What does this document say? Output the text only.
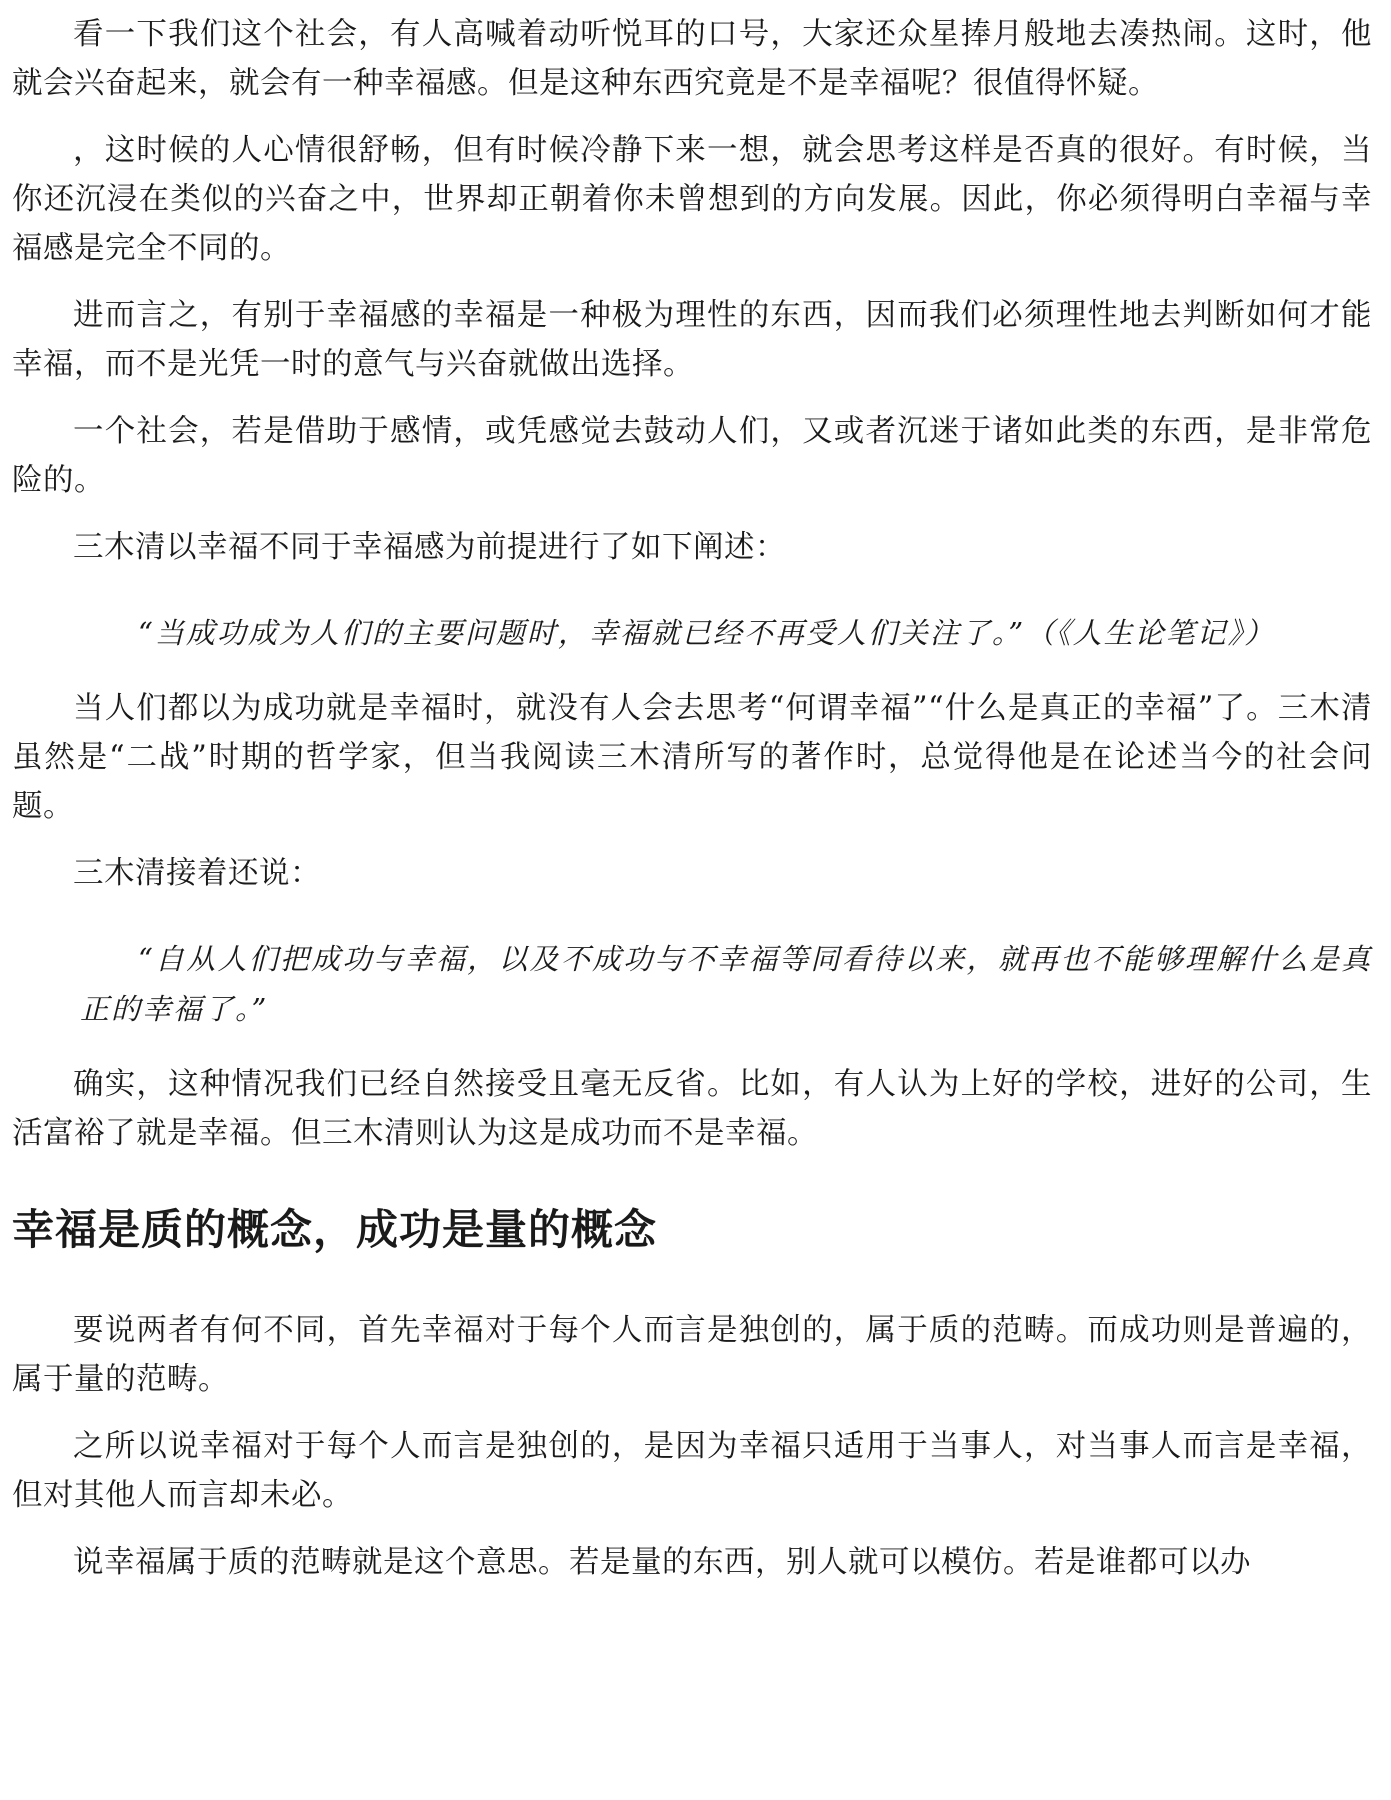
看一下我们这个社会，有人高喊着动听悦耳的口号，大家还众星捧月般地去凑热闹。这时，他就会兴奋起来，就会有一种幸福感。但是这种东西究竟是不是幸福呢？很值得怀疑。

，这时候的人心情很舒畅，但有时候冷静下来一想，就会思考这样是否真的很好。有时候，当你还沉浸在类似的兴奋之中，世界却正朝着你未曾想到的方向发展。因此，你必须得明白幸福与幸福感是完全不同的。

进而言之，有别于幸福感的幸福是一种极为理性的东西，因而我们必须理性地去判断如何才能幸福，而不是光凭一时的意气与兴奋就做出选择。

一个社会，若是借助于感情，或凭感觉去鼓动人们，又或者沉迷于诸如此类的东西，是非常危险的。

三木清以幸福不同于幸福感为前提进行了如下阐述：

“当成功成为人们的主要问题时，幸福就已经不再受人们关注了。”（《人生论笔记》）

当人们都以为成功就是幸福时，就没有人会去思考“何谓幸福”“什么是真正的幸福”了。三木清虽然是“二战”时期的哲学家，但当我阅读三木清所写的著作时，总觉得他是在论述当今的社会问题。

三木清接着还说：

“自从人们把成功与幸福，以及不成功与不幸福等同看待以来，就再也不能够理解什么是真正的幸福了。”

确实，这种情况我们已经自然接受且毫无反省。比如，有人认为上好的学校，进好的公司，生活富裕了就是幸福。但三木清则认为这是成功而不是幸福。

幸福是质的概念，成功是量的概念

要说两者有何不同，首先幸福对于每个人而言是独创的，属于质的范畴。而成功则是普遍的，属于量的范畴。

之所以说幸福对于每个人而言是独创的，是因为幸福只适用于当事人，对当事人而言是幸福，但对其他人而言却未必。

说幸福属于质的范畴就是这个意思。若是量的东西，别人就可以模仿。若是谁都可以办
